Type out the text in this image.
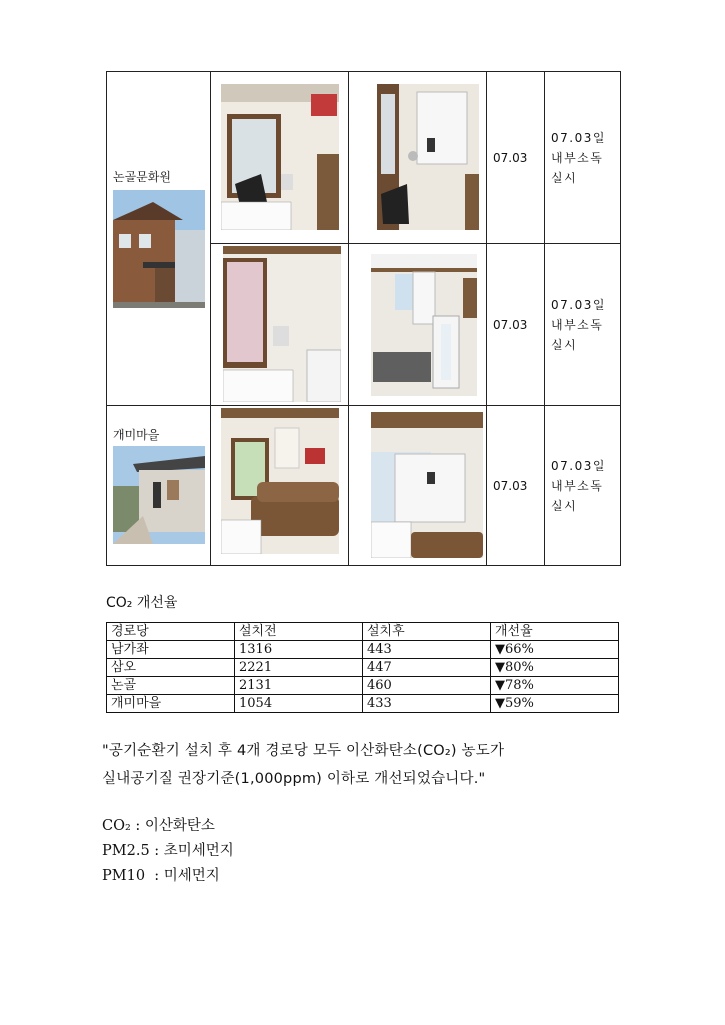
논골문화원			07.03	07.03일
내부소독
실시

07.03	07.03일
내부소독
실시

개미마을			07.03	07.03일
내부소독
실시
CO₂ 개선율
경로당	설치전	설치후	개선율
남가좌	1316	443	▼66%
삼오	2221	447	▼80%
논골	2131	460	▼78%
개미마을	1054	433	▼59%
"공기순환기 설치 후 4개 경로당 모두 이산화탄소(CO₂) 농도가
실내공기질 권장기준(1,000ppm) 이하로 개선되었습니다."
CO₂ : 이산화탄소
PM2.5 : 초미세먼지
PM10  : 미세먼지
